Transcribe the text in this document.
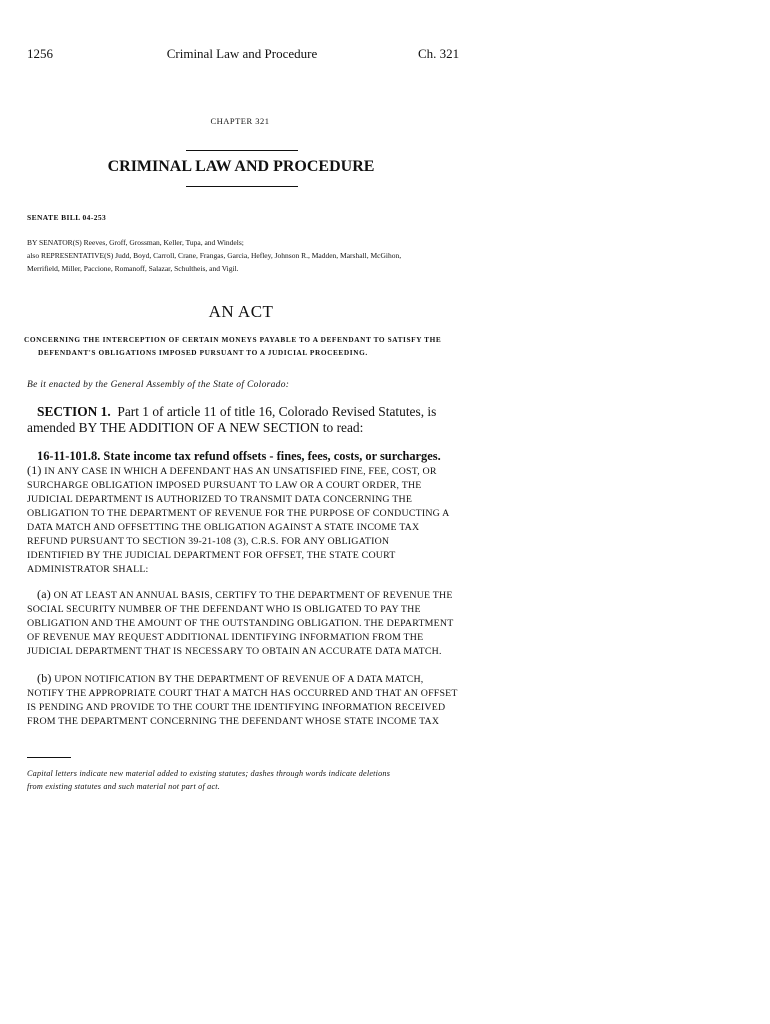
1256	Criminal Law and Procedure	Ch. 321
CHAPTER 321
CRIMINAL LAW AND PROCEDURE
SENATE BILL 04-253
BY SENATOR(S) Reeves, Groff, Grossman, Keller, Tupa, and Windels;
also REPRESENTATIVE(S) Judd, Boyd, Carroll, Crane, Frangas, Garcia, Hefley, Johnson R., Madden, Marshall, McGihon,
Merrifield, Miller, Paccione, Romanoff, Salazar, Schultheis, and Vigil.
AN ACT
CONCERNING THE INTERCEPTION OF CERTAIN MONEYS PAYABLE TO A DEFENDANT TO SATISFY THE
DEFENDANT'S OBLIGATIONS IMPOSED PURSUANT TO A JUDICIAL PROCEEDING.
Be it enacted by the General Assembly of the State of Colorado:
SECTION 1. Part 1 of article 11 of title 16, Colorado Revised Statutes, is
amended BY THE ADDITION OF A NEW SECTION to read:
16-11-101.8. State income tax refund offsets - fines, fees, costs, or surcharges.
(1) IN ANY CASE IN WHICH A DEFENDANT HAS AN UNSATISFIED FINE, FEE, COST, OR
SURCHARGE OBLIGATION IMPOSED PURSUANT TO LAW OR A COURT ORDER, THE
JUDICIAL DEPARTMENT IS AUTHORIZED TO TRANSMIT DATA CONCERNING THE
OBLIGATION TO THE DEPARTMENT OF REVENUE FOR THE PURPOSE OF CONDUCTING A
DATA MATCH AND OFFSETTING THE OBLIGATION AGAINST A STATE INCOME TAX
REFUND PURSUANT TO SECTION 39-21-108 (3), C.R.S. FOR ANY OBLIGATION
IDENTIFIED BY THE JUDICIAL DEPARTMENT FOR OFFSET, THE STATE COURT
ADMINISTRATOR SHALL:
(a) ON AT LEAST AN ANNUAL BASIS, CERTIFY TO THE DEPARTMENT OF REVENUE THE
SOCIAL SECURITY NUMBER OF THE DEFENDANT WHO IS OBLIGATED TO PAY THE
OBLIGATION AND THE AMOUNT OF THE OUTSTANDING OBLIGATION. THE DEPARTMENT
OF REVENUE MAY REQUEST ADDITIONAL IDENTIFYING INFORMATION FROM THE
JUDICIAL DEPARTMENT THAT IS NECESSARY TO OBTAIN AN ACCURATE DATA MATCH.
(b) UPON NOTIFICATION BY THE DEPARTMENT OF REVENUE OF A DATA MATCH,
NOTIFY THE APPROPRIATE COURT THAT A MATCH HAS OCCURRED AND THAT AN OFFSET
IS PENDING AND PROVIDE TO THE COURT THE IDENTIFYING INFORMATION RECEIVED
FROM THE DEPARTMENT CONCERNING THE DEFENDANT WHOSE STATE INCOME TAX
Capital letters indicate new material added to existing statutes; dashes through words indicate deletions
from existing statutes and such material not part of act.
